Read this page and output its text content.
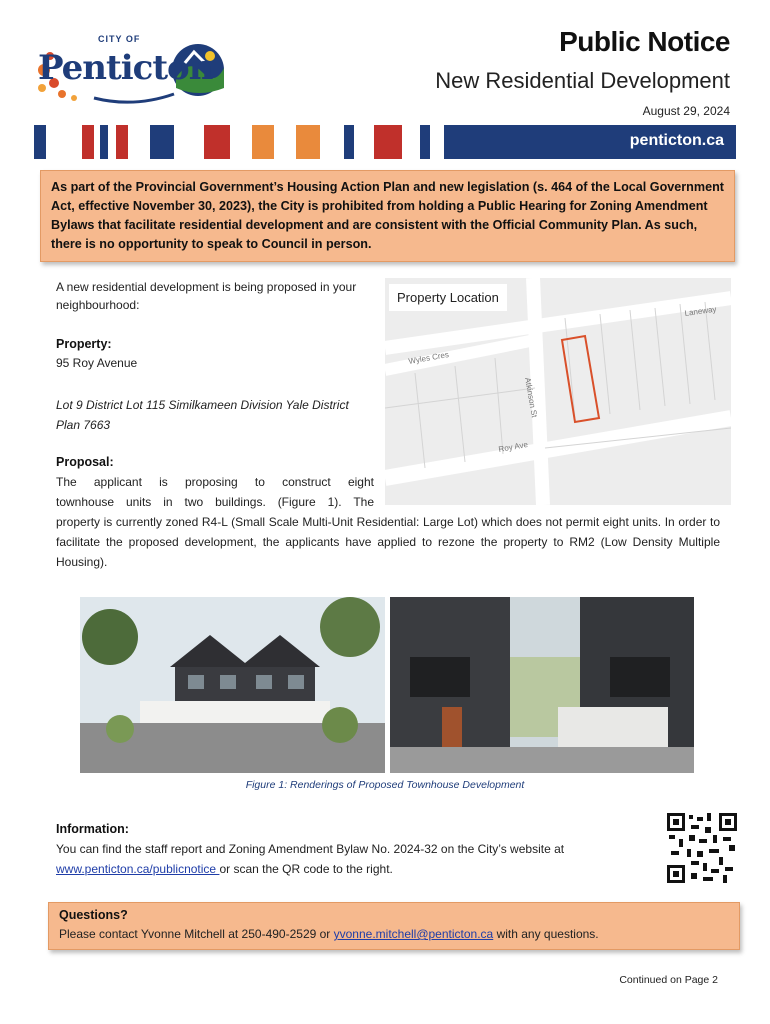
CITY OF
Penticton
Public Notice
New Residential Development
August 29, 2024
penticton.ca

As part of the Provincial Government’s Housing Action Plan and new legislation (s. 464 of the Local Government Act, effective November 30, 2023), the City is prohibited from holding a Public Hearing for Zoning Amendment Bylaws that facilitate residential development and are consistent with the Official Community Plan. As such, there is no opportunity to speak to Council in person.

A new residential development is being proposed in your neighbourhood:
Property:
95 Roy Avenue
Lot 9 District Lot 115 Similkameen Division Yale District Plan 7663
Laneway
Wyles Cres
Atkinson St
Roy Ave
Property Location
Proposal:
The applicant is proposing to construct eight
townhouse units in two buildings. (Figure 1). The
property is currently zoned R4-L (Small Scale Multi-Unit Residential: Large Lot) which does not permit eight units. In order to facilitate the proposed development, the applicants have applied to rezone the property to RM2 (Low Density Multiple Housing).
Figure 1: Renderings of Proposed Townhouse Development
Information:
You can find the staff report and Zoning Amendment Bylaw No. 2024-32 on the City’s website at
www.penticton.ca/publicnotice or scan the QR code to the right.
Questions?
Please contact Yvonne Mitchell at 250-490-2529 or yvonne.mitchell@penticton.ca with any questions.
Continued on Page 2
